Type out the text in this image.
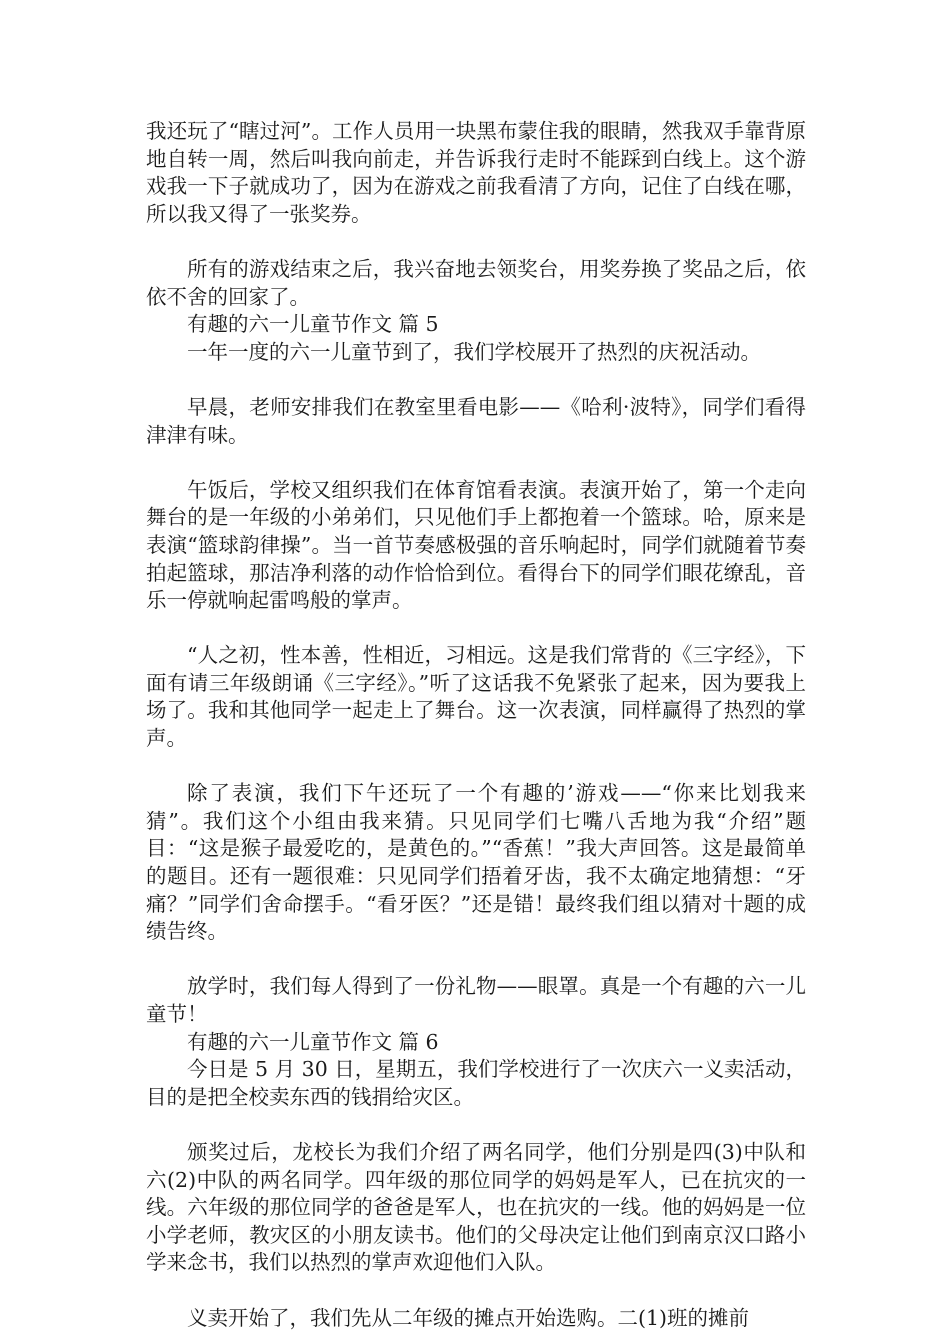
我还玩了“瞎过河”。工作人员用一块黑布蒙住我的眼睛，然我双手靠背原地自转一周，然后叫我向前走，并告诉我行走时不能踩到白线上。这个游戏我一下子就成功了，因为在游戏之前我看清了方向，记住了白线在哪，所以我又得了一张奖券。

所有的游戏结束之后，我兴奋地去领奖台，用奖券换了奖品之后，依依不舍的回家了。

有趣的六一儿童节作文 篇 5

一年一度的六一儿童节到了，我们学校展开了热烈的庆祝活动。

早晨，老师安排我们在教室里看电影——《哈利·波特》，同学们看得津津有味。

午饭后，学校又组织我们在体育馆看表演。表演开始了，第一个走向舞台的是一年级的小弟弟们，只见他们手上都抱着一个篮球。哈，原来是表演“篮球韵律操”。当一首节奏感极强的音乐响起时，同学们就随着节奏拍起篮球，那洁净利落的动作恰恰到位。看得台下的同学们眼花缭乱，音乐一停就响起雷鸣般的掌声。

“人之初，性本善，性相近，习相远。这是我们常背的《三字经》，下面有请三年级朗诵《三字经》。”听了这话我不免紧张了起来，因为要我上场了。我和其他同学一起走上了舞台。这一次表演，同样赢得了热烈的掌声。

除了表演，我们下午还玩了一个有趣的’游戏——“你来比划我来猜”。我们这个小组由我来猜。只见同学们七嘴八舌地为我“介绍”题目：“这是猴子最爱吃的，是黄色的。”“香蕉！”我大声回答。这是最简单的题目。还有一题很难：只见同学们捂着牙齿，我不太确定地猜想：“牙痛？”同学们舍命摆手。“看牙医？”还是错！最终我们组以猜对十题的成绩告终。

放学时，我们每人得到了一份礼物——眼罩。真是一个有趣的六一儿童节！

有趣的六一儿童节作文 篇 6

今日是 5 月 30 日，星期五，我们学校进行了一次庆六一义卖活动，目的是把全校卖东西的钱捐给灾区。

颁奖过后，龙校长为我们介绍了两名同学，他们分别是四(3)中队和六(2)中队的两名同学。四年级的那位同学的妈妈是军人，已在抗灾的一线。六年级的那位同学的爸爸是军人，也在抗灾的一线。他的妈妈是一位小学老师，教灾区的小朋友读书。他们的父母决定让他们到南京汉口路小学来念书，我们以热烈的掌声欢迎他们入队。

义卖开始了，我们先从二年级的摊点开始选购。二(1)班的摊前
